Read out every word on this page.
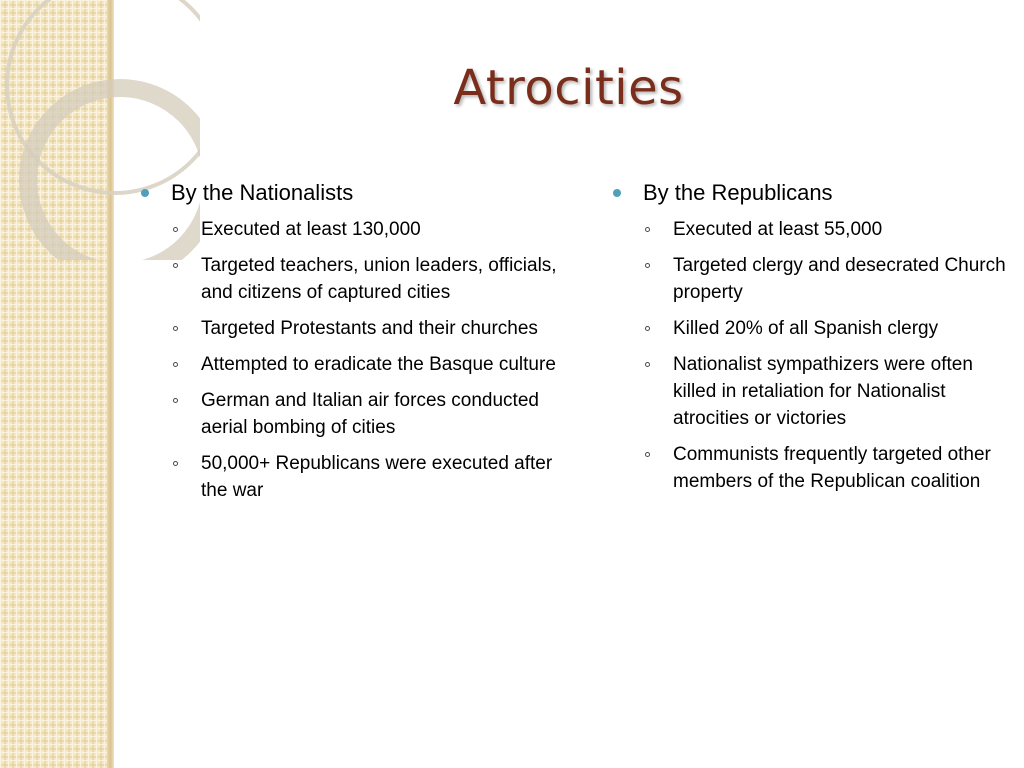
Atrocities
By the Nationalists
Executed at least 130,000
Targeted teachers, union leaders, officials, and citizens of captured cities
Targeted Protestants and their churches
Attempted to eradicate the Basque culture
German and Italian air forces conducted aerial bombing of cities
50,000+ Republicans were executed after the war
By the Republicans
Executed at least 55,000
Targeted clergy and desecrated Church property
Killed 20% of all Spanish clergy
Nationalist sympathizers were often killed in retaliation for Nationalist atrocities or victories
Communists frequently targeted other members of the Republican coalition
